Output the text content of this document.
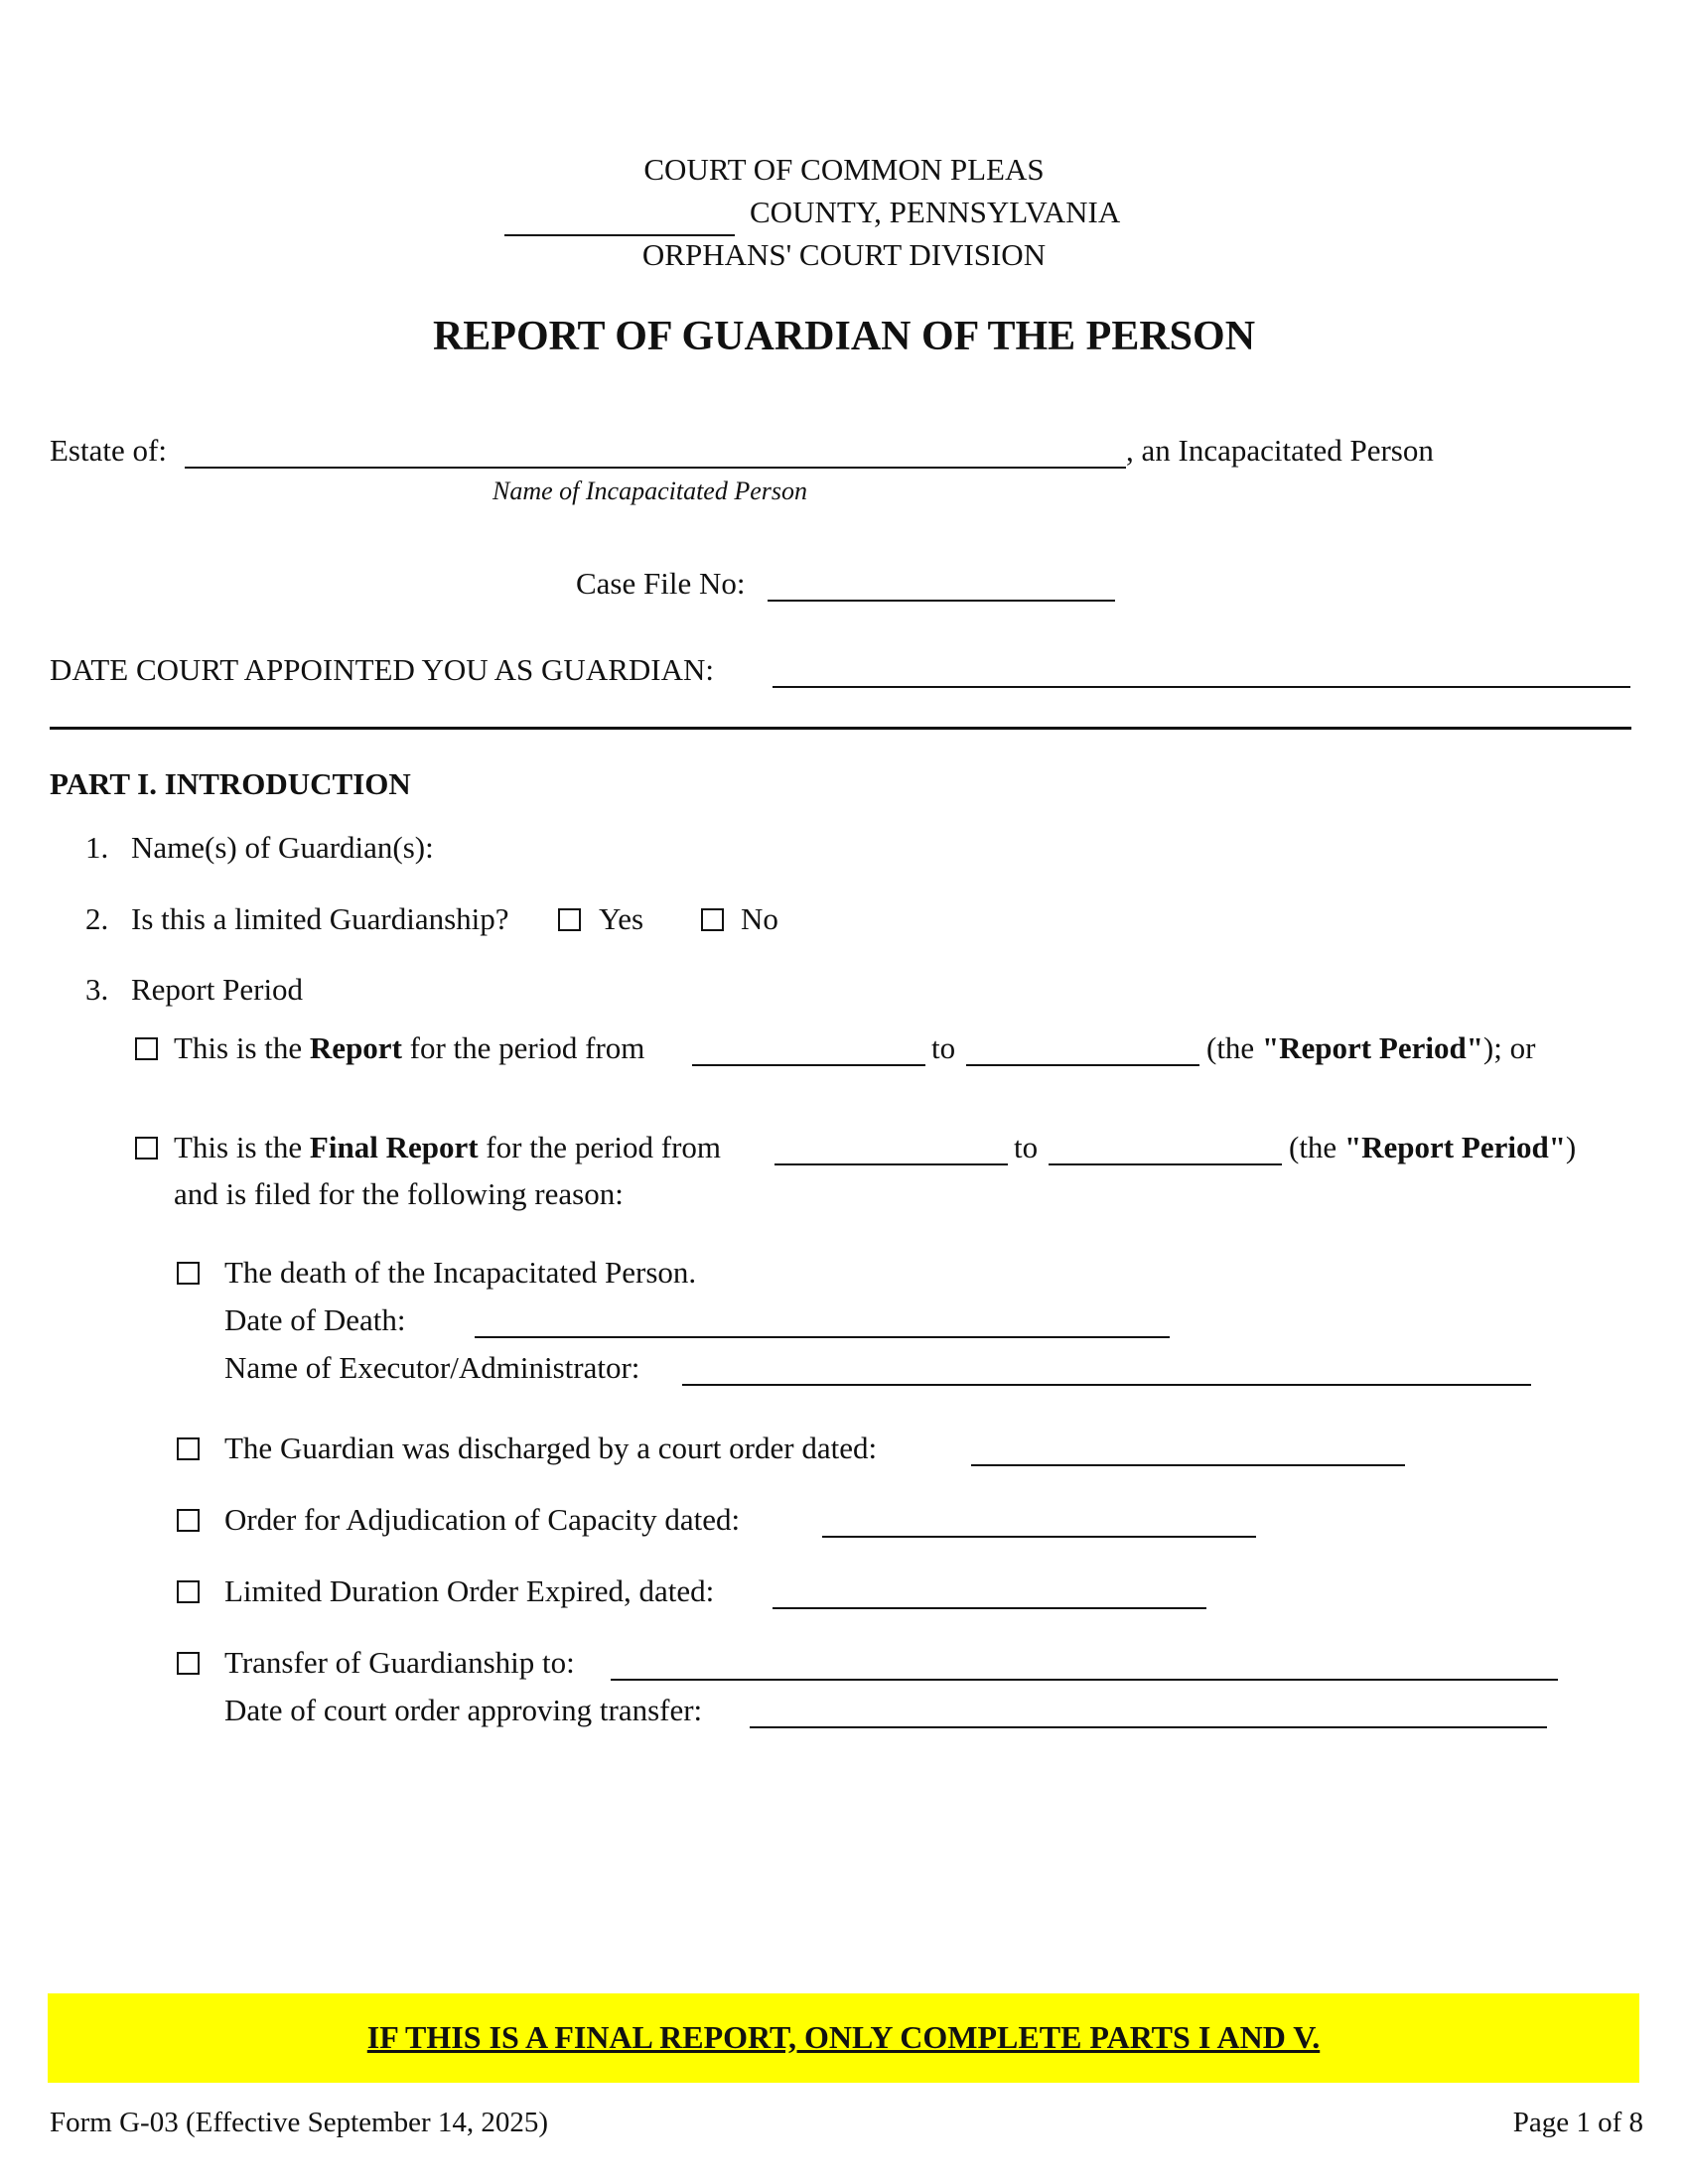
COURT OF COMMON PLEAS
COUNTY, PENNSYLVANIA
ORPHANS' COURT DIVISION
REPORT OF GUARDIAN OF THE PERSON
Estate of:	, an Incapacitated Person
Name of Incapacitated Person
Case File No:
DATE COURT APPOINTED YOU AS GUARDIAN:
PART I. INTRODUCTION
1. Name(s) of Guardian(s):
2. Is this a limited Guardianship?	Yes	No
3. Report Period
This is the Report for the period from	to	(the "Report Period"); or
This is the Final Report for the period from	to	(the "Report Period")
and is filed for the following reason:
The death of the Incapacitated Person.
Date of Death:
Name of Executor/Administrator:
The Guardian was discharged by a court order dated:
Order for Adjudication of Capacity dated:
Limited Duration Order Expired, dated:
Transfer of Guardianship to:
Date of court order approving transfer:
IF THIS IS A FINAL REPORT, ONLY COMPLETE PARTS I AND V.
Form G-03 (Effective September 14, 2025)	Page 1 of 8
